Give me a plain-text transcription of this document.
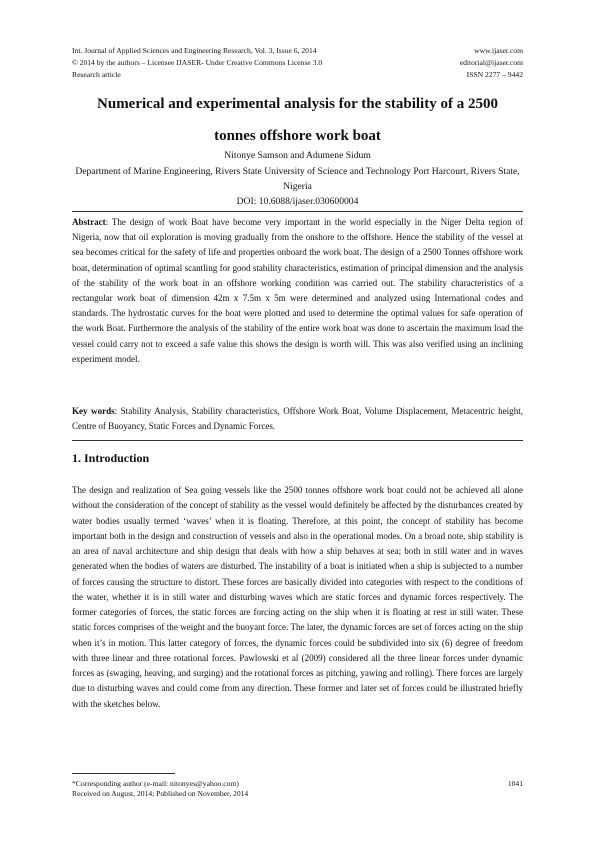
Int. Journal of Applied Sciences and Engineering Research, Vol. 3, Issue 6, 2014	www.ijaser.com
© 2014 by the authors – Licensee IJASER- Under Creative Commons License 3.0	editorial@ijaser.com
Research article	ISSN 2277 – 9442
Numerical and experimental analysis for the stability of a 2500
tonnes offshore work boat
Nitonye Samson and Adumene Sidum
Department of Marine Engineering, Rivers State University of Science and Technology Port Harcourt, Rivers State, Nigeria
DOI: 10.6088/ijaser.030600004

Abstract: The design of work Boat have become very important in the world especially in the Niger Delta region of Nigeria, now that oil exploration is moving gradually from the onshore to the offshore. Hence the stability of the vessel at sea becomes critical for the safety of life and properties onboard the work boat. The design of a 2500 Tonnes offshore work boat, determination of optimal scantling for good stability characteristics, estimation of principal dimension and the analysis of the stability of the work boat in an offshore working condition was carried out. The stability characteristics of a rectangular work boat of dimension 42m x 7.5m x 5m were determined and analyzed using International codes and standards. The hydrostatic curves for the boat were plotted and used to determine the optimal values for safe operation of the work Boat. Furthermore the analysis of the stability of the entire work boat was done to ascertain the maximum load the vessel could carry not to exceed a safe value this shows the design is worth will. This was also verified using an inclining experiment model.

Key words: Stability Analysis, Stability characteristics, Offshore Work Boat, Volume Displacement, Metacentric height, Centre of Buoyancy, Static Forces and Dynamic Forces.

1. Introduction

The design and realization of Sea going vessels like the 2500 tonnes offshore work boat could not be achieved all alone without the consideration of the concept of stability as the vessel would definitely be affected by the disturbances created by water bodies usually termed ‘waves’ when it is floating. Therefore, at this point, the concept of stability has become important both in the design and construction of vessels and also in the operational modes. On a broad note, ship stability is an area of naval architecture and ship design that deals with how a ship behaves at sea; both in still water and in waves generated when the bodies of waters are disturbed. The instability of a boat is initiated when a ship is subjected to a number of forces causing the structure to distort. These forces are basically divided into categories with respect to the conditions of the water, whether it is in still water and disturbing waves which are static forces and dynamic forces respectively. The former categories of forces, the static forces are forcing acting on the ship when it is floating at rest in still water. These static forces comprises of the weight and the buoyant force. The later, the dynamic forces are set of forces acting on the ship when it’s in motion. This latter category of forces, the dynamic forces could be subdivided into six (6) degree of freedom with three linear and three rotational forces. Pawlowski et al (2009) considered all the three linear forces under dynamic forces as (swaging, heaving, and surging) and the rotational forces as pitching, yawing and rolling). There forces are largely due to disturbing waves and could come from any direction. These former and later set of forces could be illustrated briefly with the sketches below.

*Corresponding author (e-mail: nitonyes@yahoo.com)
Received on August, 2014; Published on November, 2014
1041
